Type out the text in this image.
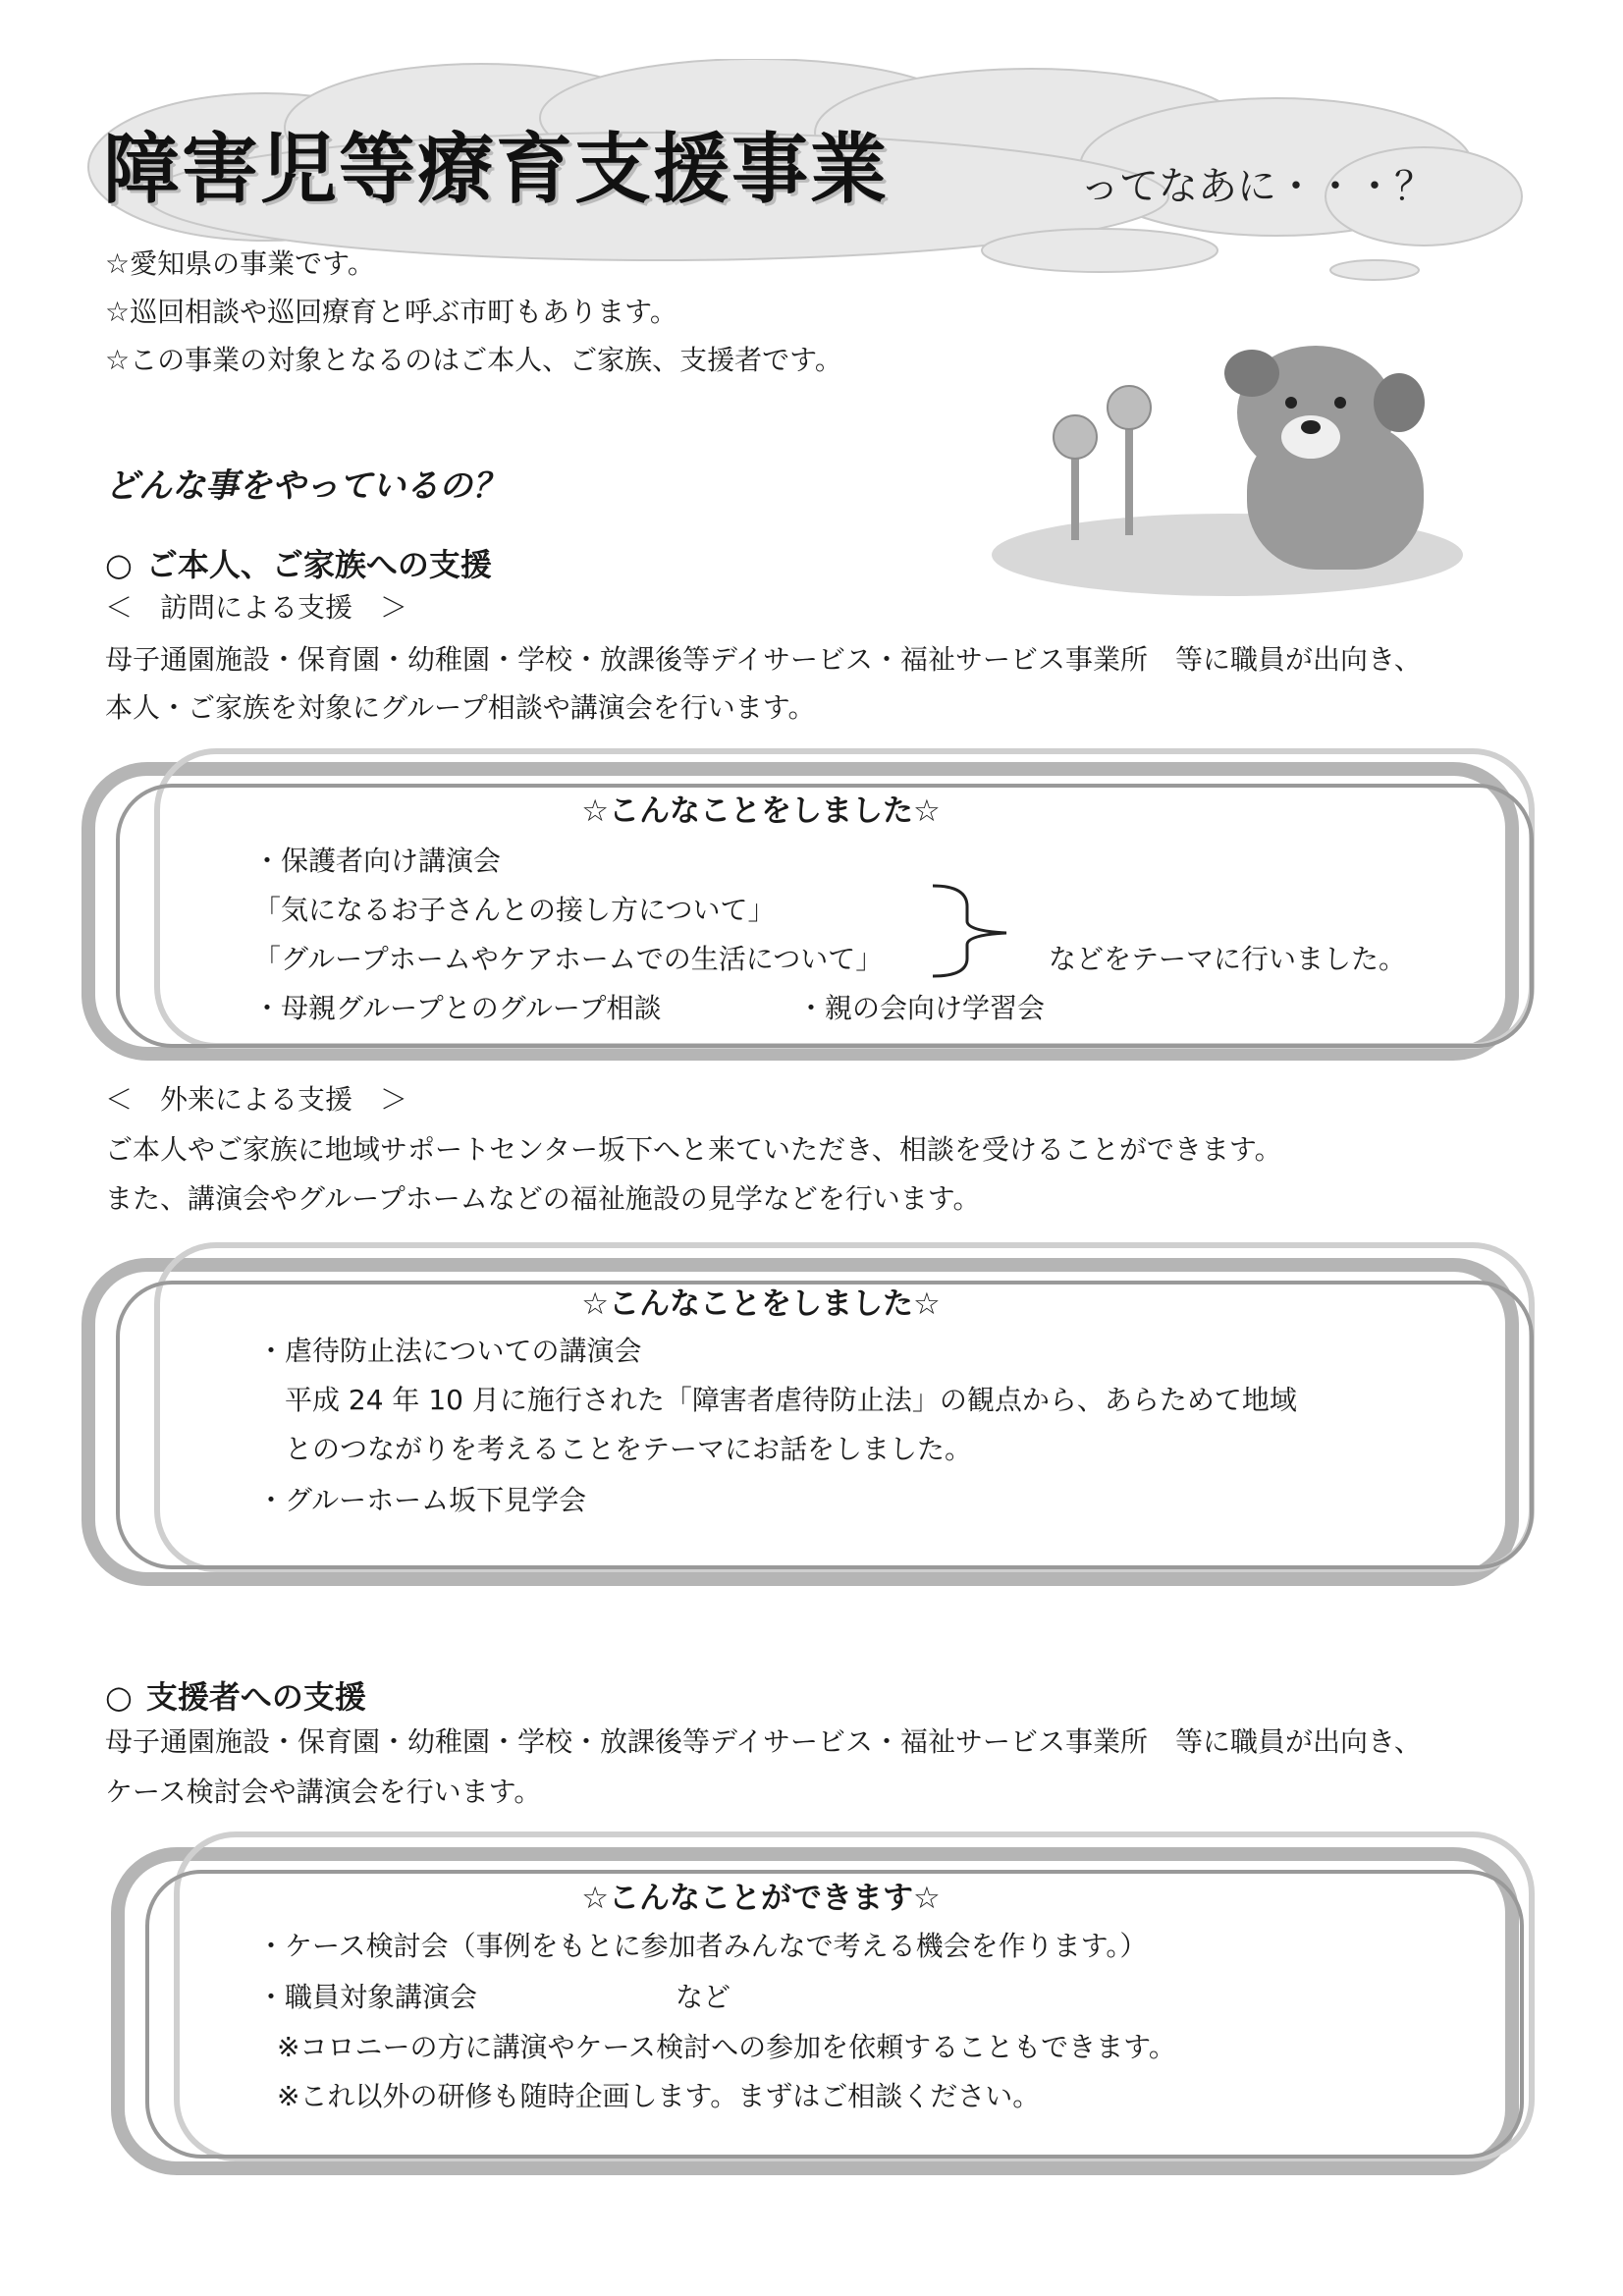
障害児等療育支援事業	ってなあに・・・？
☆愛知県の事業です。
☆巡回相談や巡回療育と呼ぶ市町もあります。
☆この事業の対象となるのはご本人、ご家族、支援者です。
どんな事をやっているの？
○ ご本人、ご家族への支援
＜　訪問による支援　＞
母子通園施設・保育園・幼稚園・学校・放課後等デイサービス・福祉サービス事業所　等に職員が出向き、
本人・ご家族を対象にグループ相談や講演会を行います。
☆こんなことをしました☆
・保護者向け講演会
「気になるお子さんとの接し方について」
「グループホームやケアホームでの生活について」	などをテーマに行いました。
・母親グループとのグループ相談	・親の会向け学習会
＜　外来による支援　＞
ご本人やご家族に地域サポートセンター坂下へと来ていただき、相談を受けることができます。
また、講演会やグループホームなどの福祉施設の見学などを行います。
☆こんなことをしました☆
・虐待防止法についての講演会
平成 24 年 10 月に施行された「障害者虐待防止法」の観点から、あらためて地域
とのつながりを考えることをテーマにお話をしました。
・グルーホーム坂下見学会
○ 支援者への支援
母子通園施設・保育園・幼稚園・学校・放課後等デイサービス・福祉サービス事業所　等に職員が出向き、
ケース検討会や講演会を行います。
☆こんなことができます☆
・ケース検討会（事例をもとに参加者みんなで考える機会を作ります。）
・職員対象講演会	など
※コロニーの方に講演やケース検討への参加を依頼することもできます。
※これ以外の研修も随時企画します。まずはご相談ください。
